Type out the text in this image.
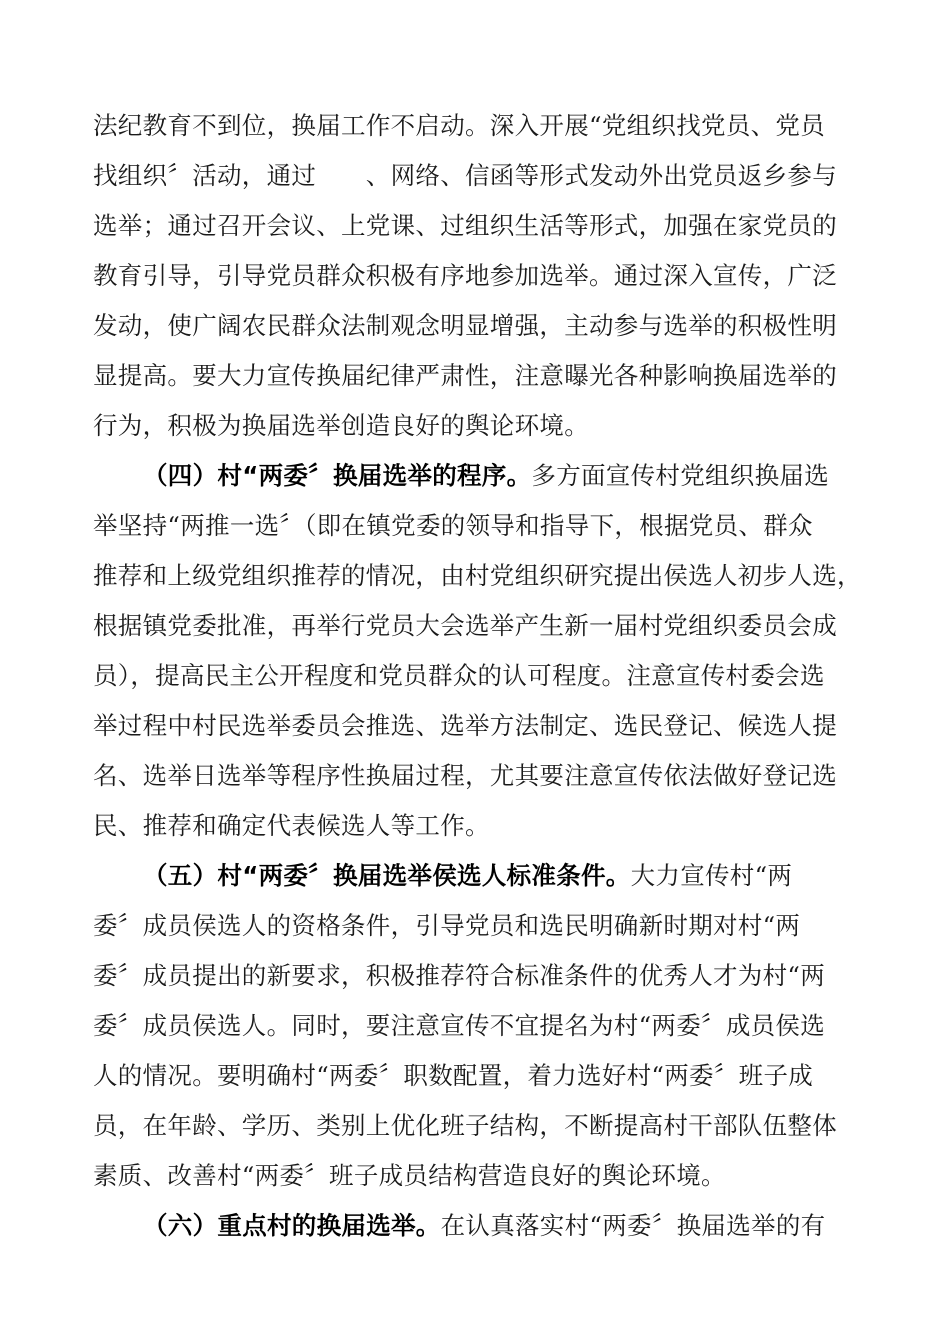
法纪教育不到位，换届工作不启动。深入开展“党组织找党员、党员
找组织〞活动，通过　　、网络、信函等形式发动外出党员返乡参与
选举；通过召开会议、上党课、过组织生活等形式，加强在家党员的
教育引导，引导党员群众积极有序地参加选举。通过深入宣传，广泛
发动，使广阔农民群众法制观念明显增强，主动参与选举的积极性明
显提高。要大力宣传换届纪律严肃性，注意曝光各种影响换届选举的
行为，积极为换届选举创造良好的舆论环境。
（四）村“两委〞换届选举的程序。多方面宣传村党组织换届选
举坚持“两推一选〞（即在镇党委的领导和指导下，根据党员、群众
推荐和上级党组织推荐的情况，由村党组织研究提出侯选人初步人选，
根据镇党委批准，再举行党员大会选举产生新一届村党组织委员会成
员），提高民主公开程度和党员群众的认可程度。注意宣传村委会选
举过程中村民选举委员会推选、选举方法制定、选民登记、候选人提
名、选举日选举等程序性换届过程，尤其要注意宣传依法做好登记选
民、推荐和确定代表候选人等工作。
（五）村“两委〞换届选举侯选人标准条件。大力宣传村“两
委〞成员侯选人的资格条件，引导党员和选民明确新时期对村“两
委〞成员提出的新要求，积极推荐符合标准条件的优秀人才为村“两
委〞成员侯选人。同时，要注意宣传不宜提名为村“两委〞成员侯选
人的情况。要明确村“两委〞职数配置，着力选好村“两委〞班子成
员，在年龄、学历、类别上优化班子结构，不断提高村干部队伍整体
素质、改善村“两委〞班子成员结构营造良好的舆论环境。
（六）重点村的换届选举。在认真落实村“两委〞换届选举的有
